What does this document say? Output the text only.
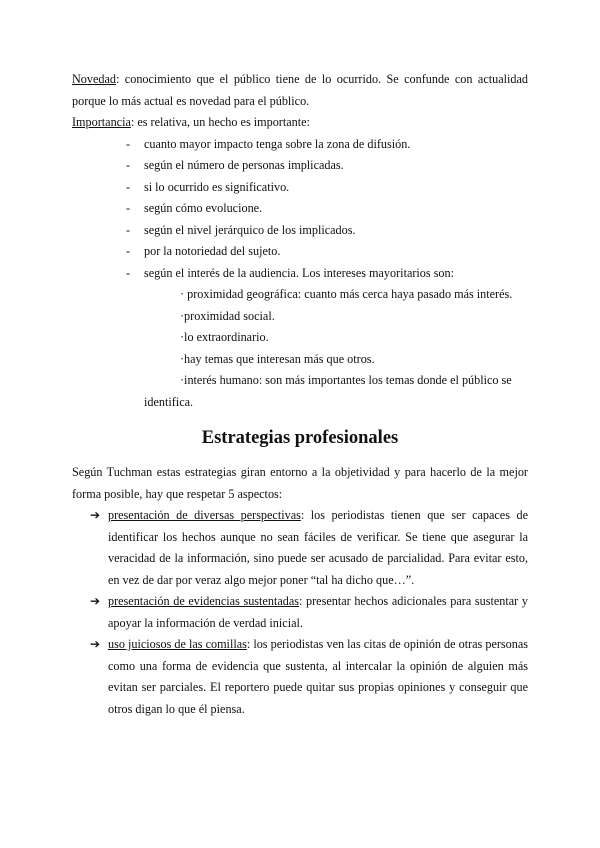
Novedad: conocimiento que el público tiene de lo ocurrido. Se confunde con actualidad porque lo más actual es novedad para el público.

Importancia: es relativa, un hecho es importante:

- cuanto mayor impacto tenga sobre la zona de difusión.
- según el número de personas implicadas.
- si lo ocurrido es significativo.
- según cómo evolucione.
- según el nivel jerárquico de los implicados.
- por la notoriedad del sujeto.
- según el interés de la audiencia. Los intereses mayoritarios son:
· proximidad geográfica: cuanto más cerca haya pasado más interés.
·proximidad social.
·lo extraordinario.
·hay temas que interesan más que otros.
·interés humano: son más importantes los temas donde el público se
identifica.
Estrategias profesionales

Según Tuchman estas estrategias giran entorno a la objetividad y para hacerlo de la mejor forma posible, hay que respetar 5 aspectos:

➔ presentación de diversas perspectivas: los periodistas tienen que ser capaces de identificar los hechos aunque no sean fáciles de verificar. Se tiene que asegurar la veracidad de la información, sino puede ser acusado de parcialidad. Para evitar esto, en vez de dar por veraz algo mejor poner “tal ha dicho que…”.
➔ presentación de evidencias sustentadas: presentar hechos adicionales para sustentar y apoyar la información de verdad inicial.
➔ uso juiciosos de las comillas: los periodistas ven las citas de opinión de otras personas como una forma de evidencia que sustenta, al intercalar la opinión de alguien más evitan ser parciales. El reportero puede quitar sus propias opiniones y conseguir que otros digan lo que él piensa.
